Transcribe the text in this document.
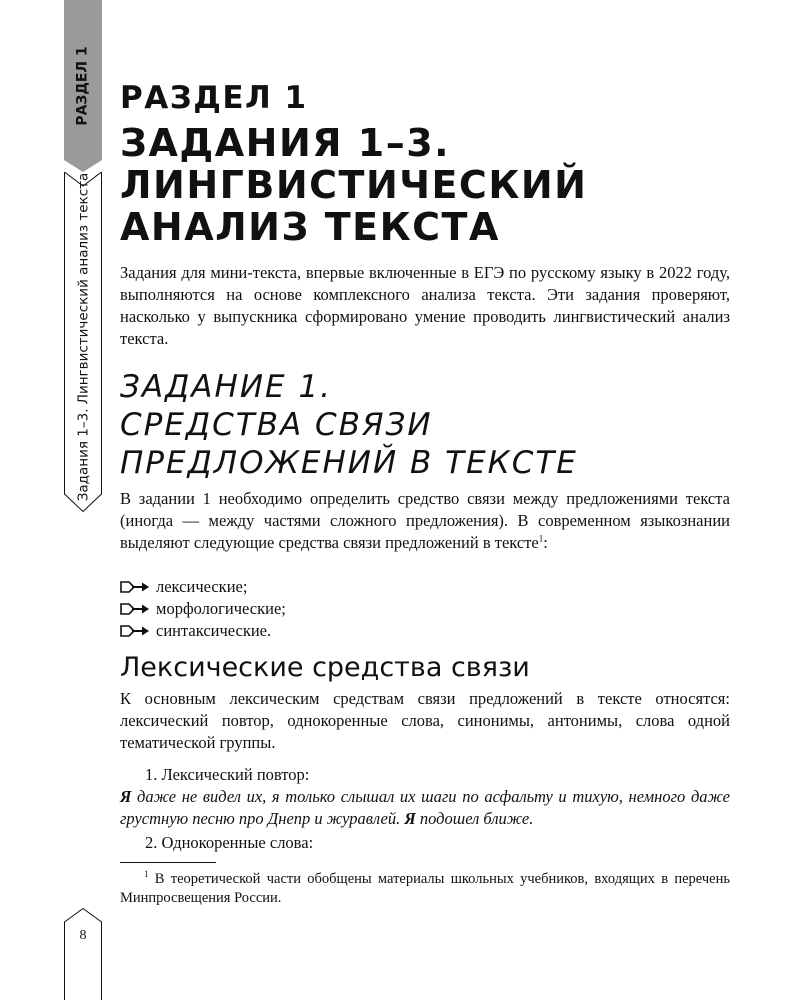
РАЗДЕЛ 1
Задания 1–3. Лингвистический анализ текста
8
РАЗДЕЛ 1
ЗАДАНИЯ 1–3.
ЛИНГВИСТИЧЕСКИЙ
АНАЛИЗ ТЕКСТА

Задания для мини-текста, впервые включенные в ЕГЭ по русскому языку в 2022 году, выполняются на основе комплексного анализа текста. Эти задания проверяют, насколько у выпускника сформировано умение проводить лингвистический анализ текста.

ЗАДАНИЕ 1.
СРЕДСТВА СВЯЗИ
ПРЕДЛОЖЕНИЙ В ТЕКСТЕ

В задании 1 необходимо определить средство связи между предложениями текста (иногда — между частями сложного предложения). В современном языкознании выделяют следующие средства связи предложений в тексте$^1$:

лексические;
морфологические;
синтаксические.
Лексические средства связи

К основным лексическим средствам связи предложений в тексте относятся: лексический повтор, однокоренные слова, синонимы, антонимы, слова одной тематической группы.

1. Лексический повтор:

Я даже не видел их, я только слышал их шаги по асфальту и тихую, немного даже грустную песню про Днепр и журавлей. Я подошел ближе.

2. Однокоренные слова:

$^1$ В теоретической части обобщены материалы школьных учебников, входящих в перечень Минпросвещения России.
